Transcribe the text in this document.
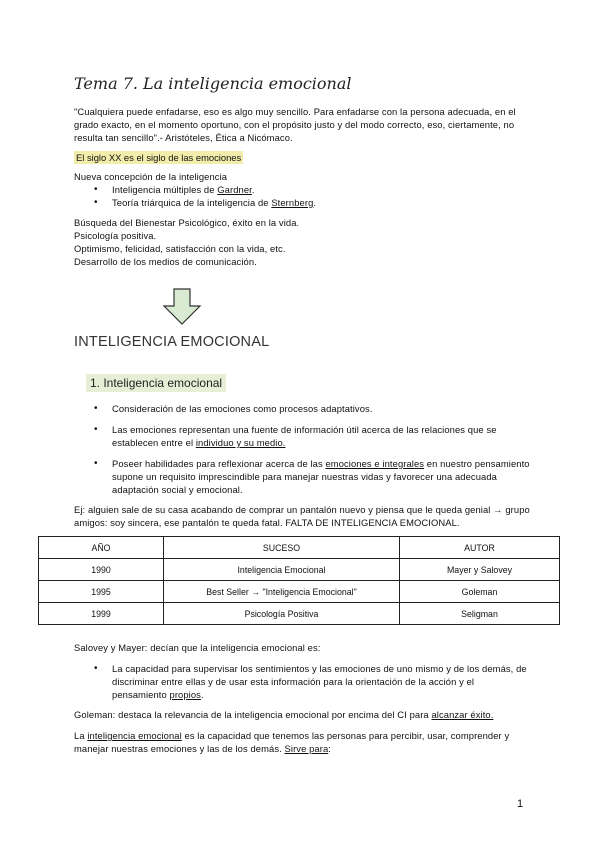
Tema 7. La inteligencia emocional
"Cualquiera puede enfadarse, eso es algo muy sencillo. Para enfadarse con la persona adecuada, en el grado exacto, en el momento oportuno, con el propósito justo y del modo correcto, eso, ciertamente, no resulta tan sencillo".- Aristóteles, Ética a Nicómaco.
El siglo XX es el siglo de las emociones
Nueva concepción de la inteligencia
• Inteligencia múltiples de Gardner.
• Teoría triárquica de la inteligencia de Sternberg.
Búsqueda del Bienestar Psicológico, éxito en la vida.
Psicología positiva.
Optimismo, felicidad, satisfacción con la vida, etc.
Desarrollo de los medios de comunicación.
INTELIGENCIA EMOCIONAL
1. Inteligencia emocional
• Consideración de las emociones como procesos adaptativos.
• Las emociones representan una fuente de información útil acerca de las relaciones que se establecen entre el individuo y su medio.
• Poseer habilidades para reflexionar acerca de las emociones e integrales en nuestro pensamiento supone un requisito imprescindible para manejar nuestras vidas y favorecer una adecuada adaptación social y emocional.
Ej: alguien sale de su casa acabando de comprar un pantalón nuevo y piensa que le queda genial → grupo amigos: soy sincera, ese pantalón te queda fatal. FALTA DE INTELIGENCIA EMOCIONAL.
AÑO	SUCESO	AUTOR
1990	Inteligencia Emocional	Mayer y Salovey
1995	Best Seller → "Inteligencia Emocional"	Goleman
1999	Psicología Positiva	Seligman
Salovey y Mayer: decían que la inteligencia emocional es:
• La capacidad para supervisar los sentimientos y las emociones de uno mismo y de los demás, de discriminar entre ellas y de usar esta información para la orientación de la acción y el pensamiento propios.
Goleman: destaca la relevancia de la inteligencia emocional por encima del CI para alcanzar éxito.
La inteligencia emocional es la capacidad que tenemos las personas para percibir, usar, comprender y manejar nuestras emociones y las de los demás. Sirve para:
1
